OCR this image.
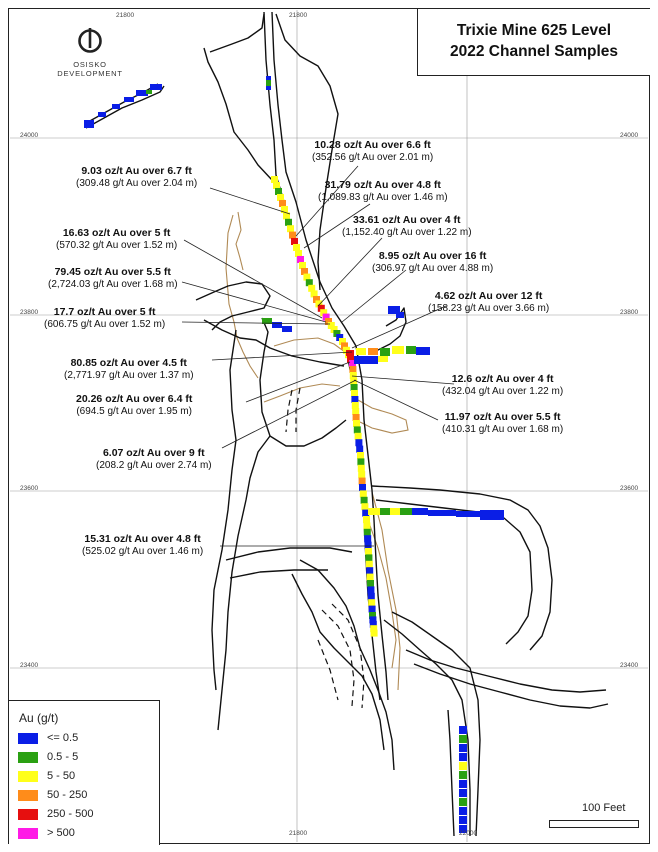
21800	21800
21800	22000
24000
23800
23600
23400
24000
23800
23600
23400
OSISKO DEVELOPMENT
Trixie Mine 625 Level
2022 Channel Samples
10.28 oz/t Au over 6.6 ft
(352.56 g/t Au over 2.01 m)
9.03 oz/t Au over 6.7 ft
(309.48 g/t Au over 2.04 m)	31.79 oz/t Au over 4.8 ft
(1,089.83 g/t Au over 1.46 m)
33.61 oz/t Au over 4 ft
(1,152.40 g/t Au over 1.22 m)
16.63 oz/t Au over 5 ft
(570.32 g/t Au over 1.52 m)
8.95 oz/t Au over 16 ft
(306.97 g/t Au over 4.88 m)
79.45 oz/t Au over 5.5 ft
(2,724.03 g/t Au over 1.68 m)
4.62 oz/t Au over 12 ft
(158.23 g/t Au over 3.66 m)
17.7 oz/t Au over 5 ft
(606.75 g/t Au over 1.52 m)
80.85 oz/t Au over 4.5 ft
(2,771.97 g/t Au over 1.37 m)	12.6 oz/t Au over 4 ft
(432.04 g/t Au over 1.22 m)
20.26 oz/t Au over 6.4 ft
(694.5 g/t Au over 1.95 m)	11.97 oz/t Au over 5.5 ft
(410.31 g/t Au over 1.68 m)
6.07 oz/t Au over 9 ft
(208.2 g/t Au over 2.74 m)
15.31 oz/t Au over 4.8 ft
(525.02 g/t Au over 1.46 m)
Au (g/t)
<= 0.5
0.5 - 5
5 - 50
50 - 250
250 - 500
> 500
100 Feet
